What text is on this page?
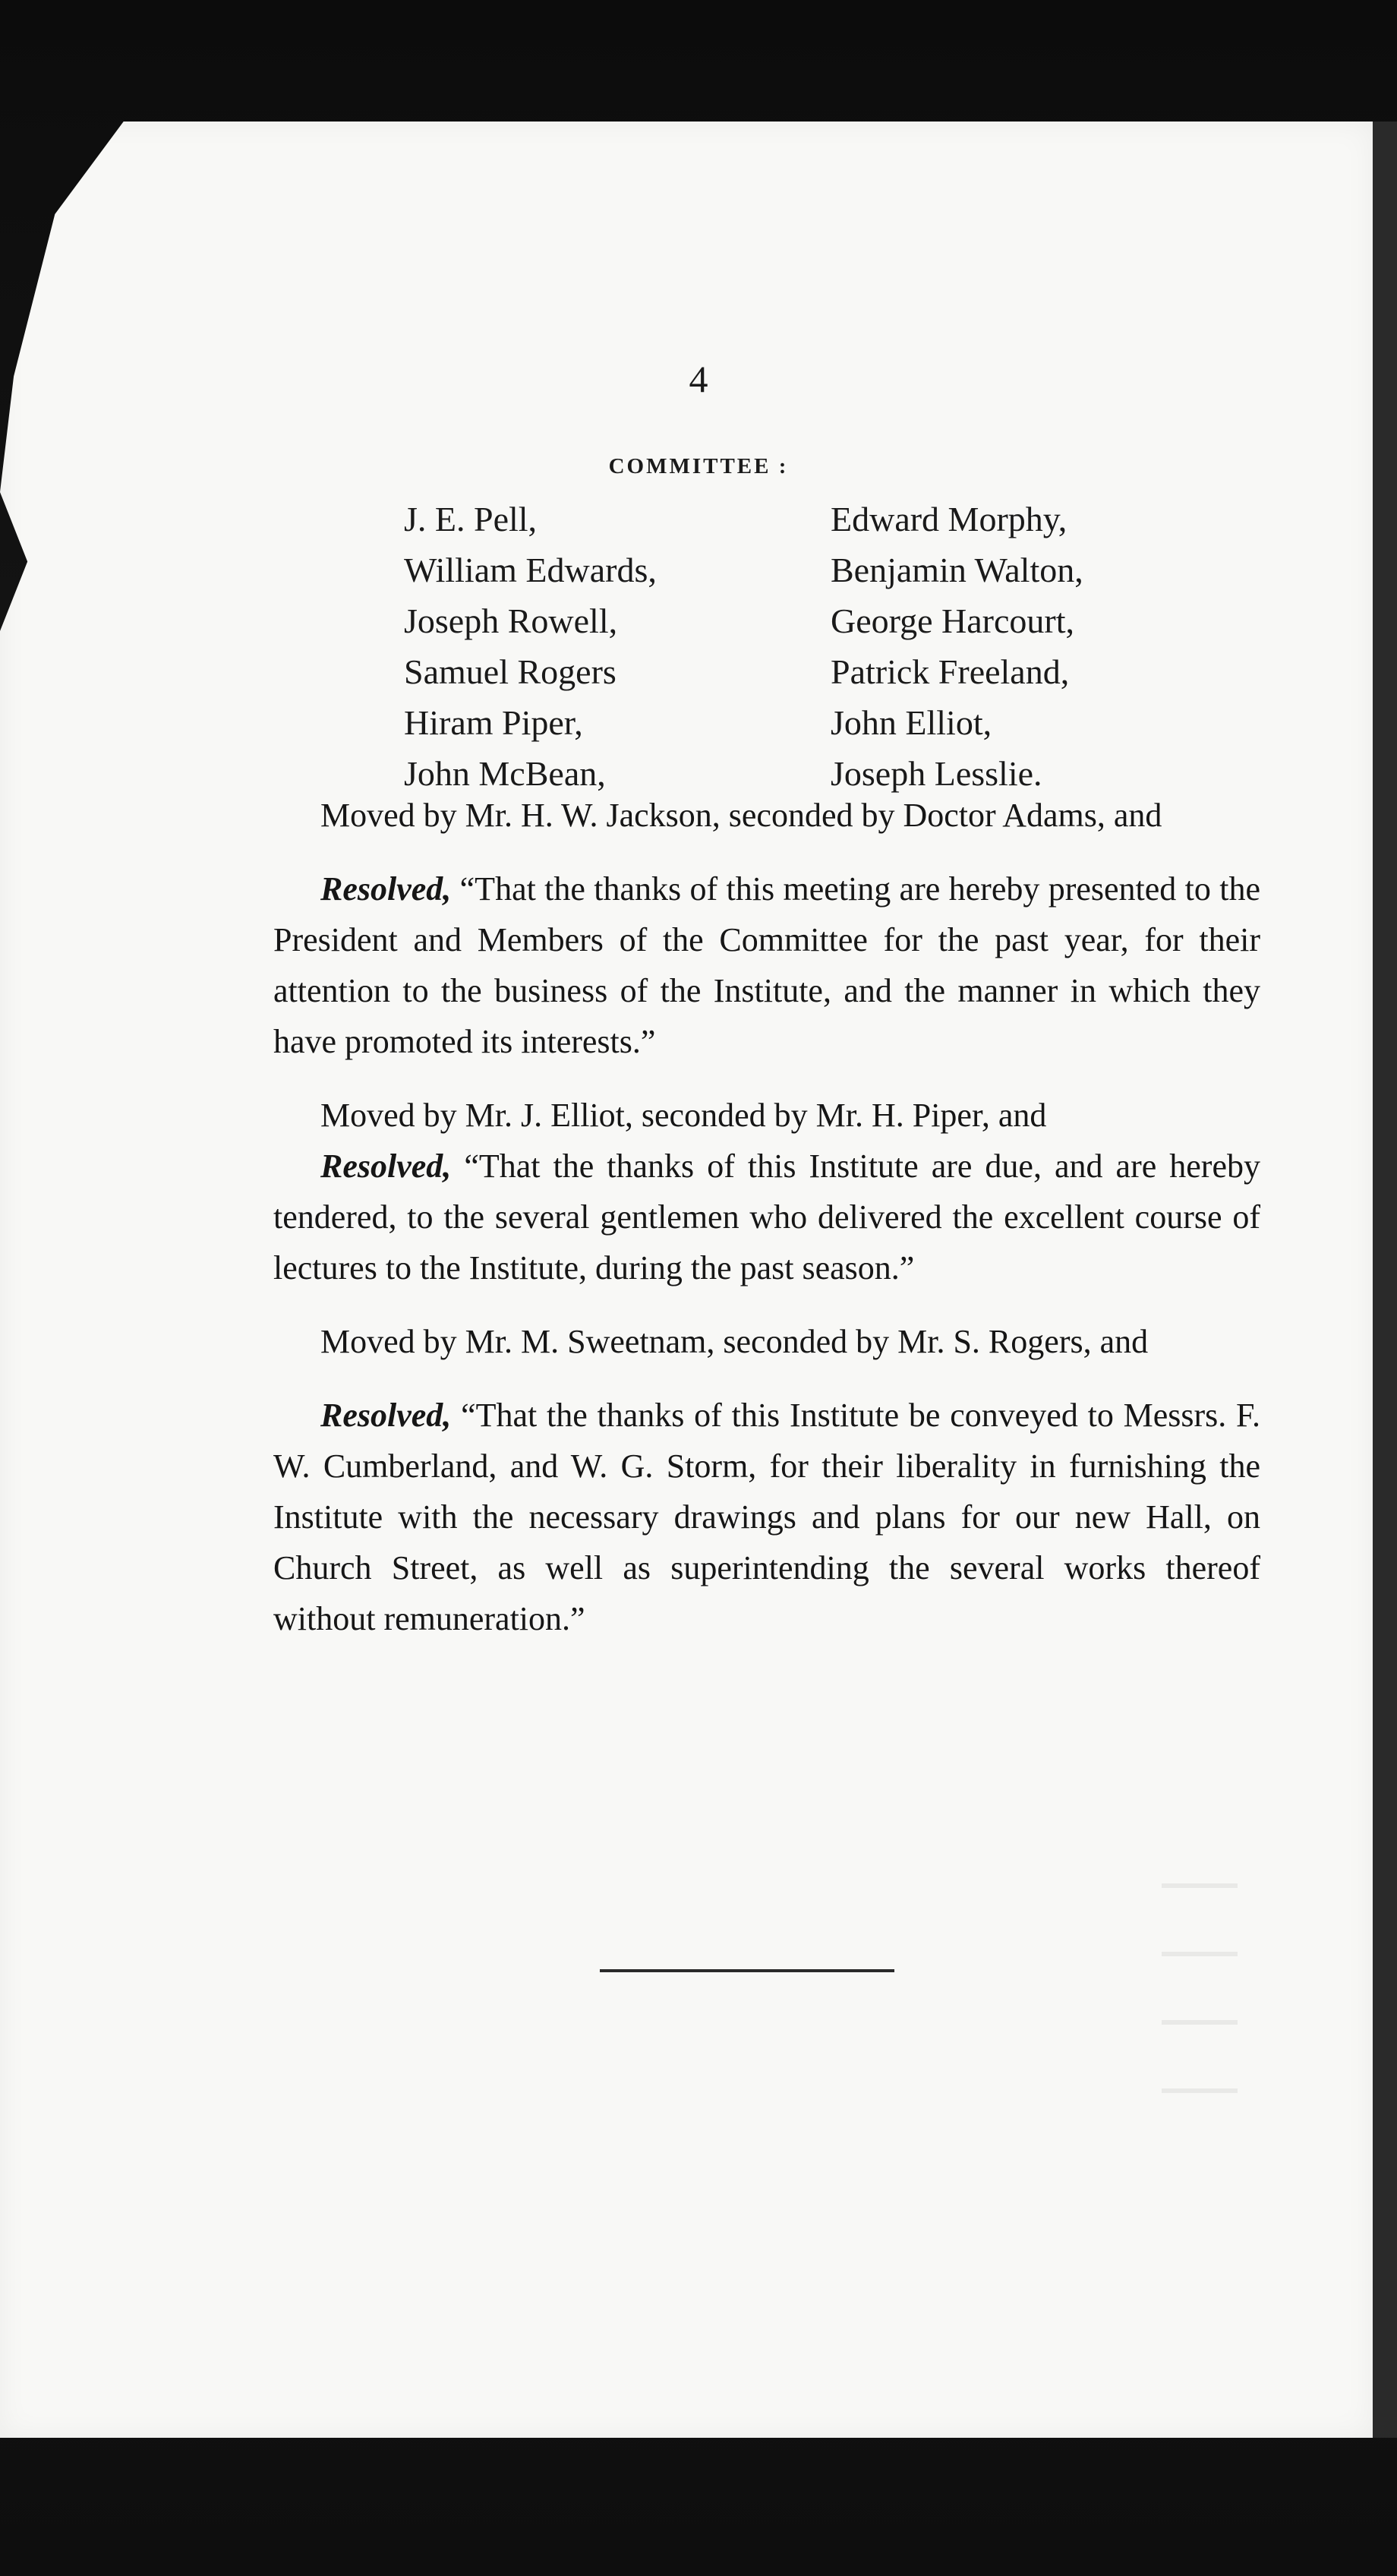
4
COMMITTEE :
J. E. Pell,
William Edwards,
Joseph Rowell,
Samuel Rogers
Hiram Piper,
John McBean,
Edward Morphy,
Benjamin Walton,
George Harcourt,
Patrick Freeland,
John Elliot,
Joseph Lesslie.

Moved by Mr. H. W. Jackson, seconded by Doctor Adams, and

Resolved, “That the thanks of this meeting are hereby presented to the President and Members of the Committee for the past year, for their attention to the business of the Institute, and the manner in which they have promoted its interests.”

Moved by Mr. J. Elliot, seconded by Mr. H. Piper, and

Resolved, “That the thanks of this Institute are due, and are hereby tendered, to the several gentlemen who delivered the excellent course of lectures to the Institute, during the past season.”

Moved by Mr. M. Sweetnam, seconded by Mr. S. Rogers, and

Resolved, “That the thanks of this Institute be conveyed to Messrs. F. W. Cumberland, and W. G. Storm, for their liberality in furnishing the Institute with the necessary drawings and plans for our new Hall, on Church Street, as well as superintending the several works thereof without remuneration.”
